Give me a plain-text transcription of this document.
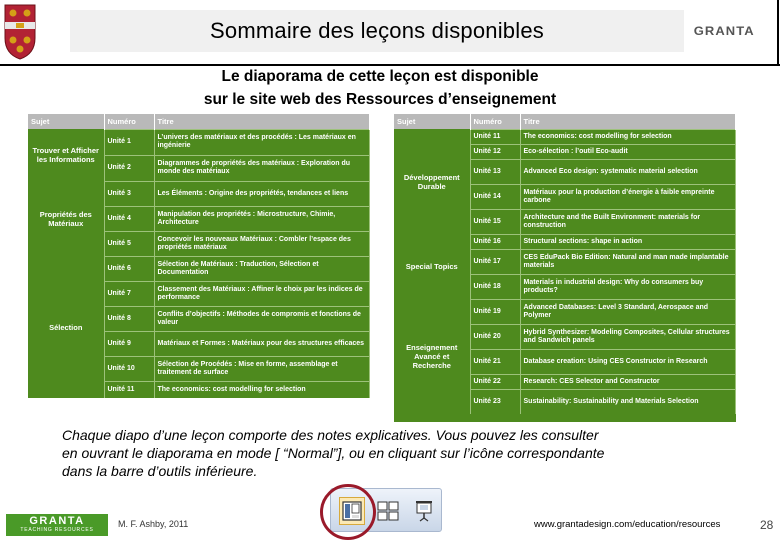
Sommaire des leçons disponibles	GRANTA
Le diaporama de cette leçon est disponible
sur le site web des Ressources d’enseignement
Sujet	Numéro	Titre
Trouver et Afficher les Informations	Unité 1	L’univers des matériaux et des procédés : Les matériaux en ingénierie
	Unité 2	Diagrammes de propriétés des matériaux : Exploration du monde des matériaux
Propriétés des Matériaux	Unité 3	Les Éléments : Origine des propriétés, tendances et liens
	Unité 4	Manipulation des propriétés : Microstructure, Chimie, Architecture
	Unité 5	Concevoir les nouveaux Matériaux : Combler l’espace des propriétés matériaux
Sélection	Unité 6	Sélection de Matériaux : Traduction, Sélection et Documentation
	Unité 7	Classement des Matériaux : Affiner le choix par les indices de performance
	Unité 8	Conflits d’objectifs : Méthodes de compromis et fonctions de valeur
	Unité 9	Matériaux et Formes : Matériaux pour des structures efficaces
	Unité 10	Sélection de Procédés : Mise en forme, assemblage et traitement de surface
	Unité 11	The economics: cost modelling for selection
Sujet	Numéro	Titre
Développement Durable	Unité 11	The economics: cost modelling for selection
	Unité 12	Eco-sélection : l’outil Eco-audit
	Unité 13	Advanced Eco design: systematic material selection
	Unité 14	Matériaux pour la production d’énergie à faible empreinte carbone
	Unité 15	Architecture and the Built Environment: materials for construction
Special Topics	Unité 16	Structural sections: shape in action
	Unité 17	CES EduPack Bio Edition: Natural and man made implantable materials
	Unité 18	Materials in industrial design: Why do consumers buy products?
Enseignement Avancé et Recherche	Unité 19	Advanced Databases: Level 3 Standard, Aerospace and Polymer
	Unité 20	Hybrid Synthesizer: Modeling Composites, Cellular structures and Sandwich panels
	Unité 21	Database creation: Using CES Constructor in Research
	Unité 22	Research: CES Selector and Constructor
	Unité 23	Sustainability: Sustainability and Materials Selection
Chaque diapo d’une leçon comporte des notes explicatives. Vous pouvez les consulter
en ouvrant le diaporama en mode [ “Normal”], ou en cliquant sur l’icône correspondante
dans la barre d’outils inférieure.
GRANTA
TEACHING RESOURCES
M. F. Ashby, 2011	www.grantadesign.com/education/resources	28
